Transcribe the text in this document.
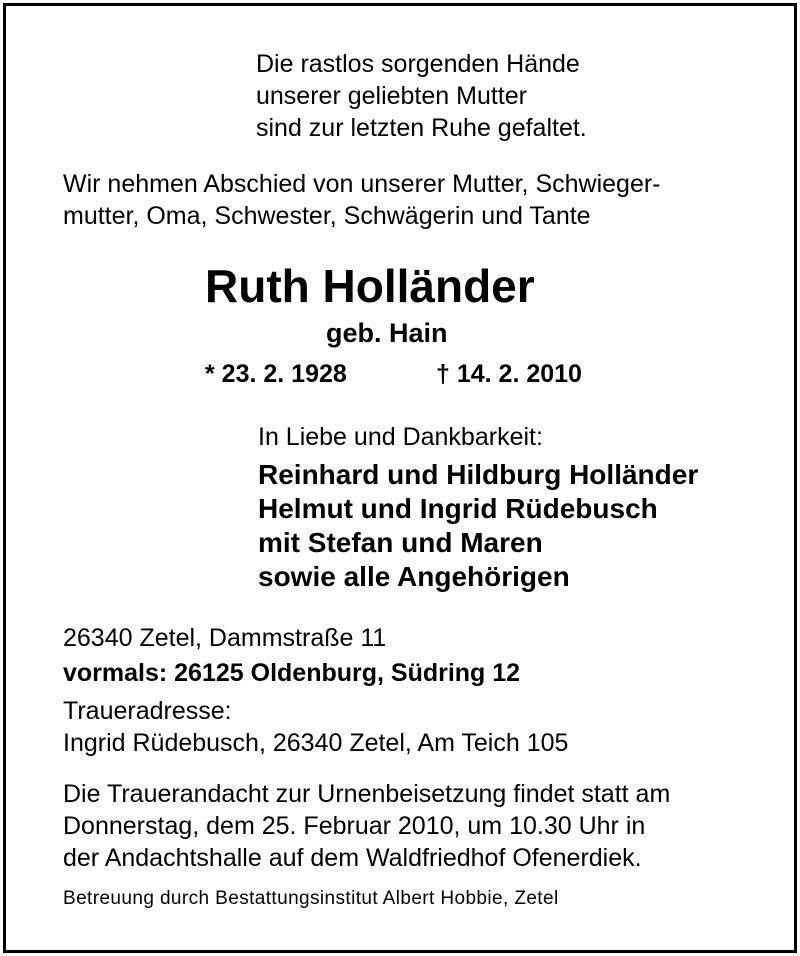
Die rastlos sorgenden Hände
unserer geliebten Mutter
sind zur letzten Ruhe gefaltet.
Wir nehmen Abschied von unserer Mutter, Schwieger-
mutter, Oma, Schwester, Schwägerin und Tante
Ruth Holländer
geb. Hain
* 23. 2. 1928	† 14. 2. 2010
In Liebe und Dankbarkeit:
Reinhard und Hildburg Holländer
Helmut und Ingrid Rüdebusch
mit Stefan und Maren
sowie alle Angehörigen
26340 Zetel, Dammstraße 11
vormals: 26125 Oldenburg, Südring 12
Traueradresse:
Ingrid Rüdebusch, 26340 Zetel, Am Teich 105
Die Trauerandacht zur Urnenbeisetzung findet statt am
Donnerstag, dem 25. Februar 2010, um 10.30 Uhr in
der Andachtshalle auf dem Waldfriedhof Ofenerdiek.
Betreuung durch Bestattungsinstitut Albert Hobbie, Zetel
